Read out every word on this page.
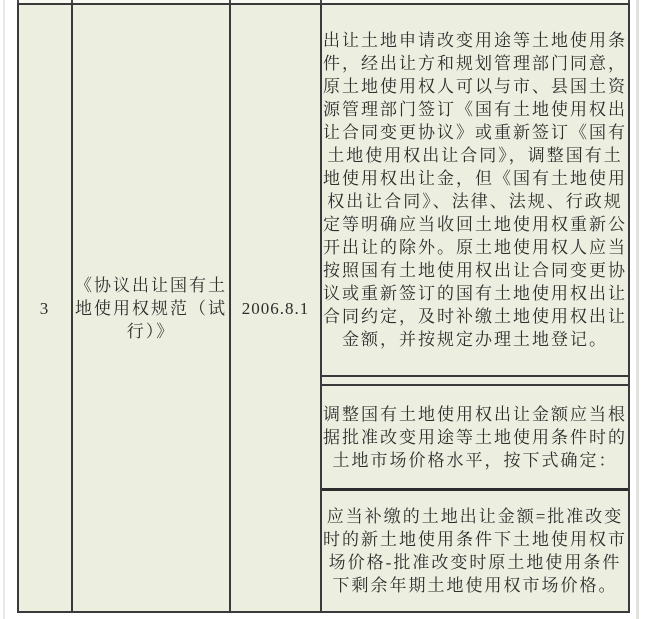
3
《协议出让国有土地使用权规范（试行）》
2006.8.1
出让土地申请改变用途等土地使用条件，经出让方和规划管理部门同意，原土地使用权人可以与市、县国土资源管理部门签订《国有土地使用权出让合同变更协议》或重新签订《国有土地使用权出让合同》，调整国有土地使用权出让金，但《国有土地使用权出让合同》、法律、法规、行政规定等明确应当收回土地使用权重新公开出让的除外。原土地使用权人应当按照国有土地使用权出让合同变更协议或重新签订的国有土地使用权出让合同约定，及时补缴土地使用权出让金额，并按规定办理土地登记。
调整国有土地使用权出让金额应当根据批准改变用途等土地使用条件时的土地市场价格水平，按下式确定：
应当补缴的土地出让金额=批准改变时的新土地使用条件下土地使用权市场价格-批准改变时原土地使用条件下剩余年期土地使用权市场价格。
